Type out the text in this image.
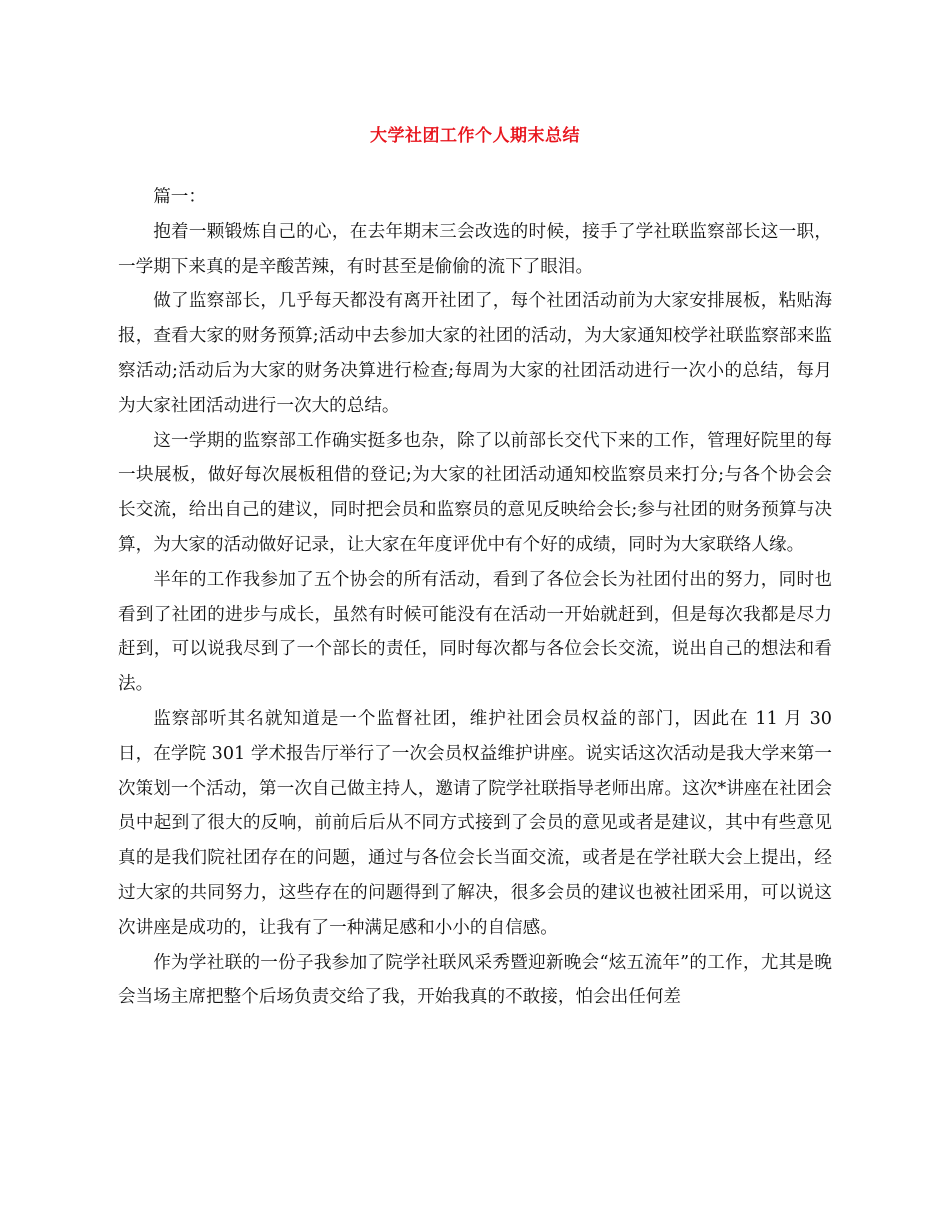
大学社团工作个人期末总结

篇一：

抱着一颗锻炼自己的心，在去年期末三会改选的时候，接手了学社联监察部长这一职，一学期下来真的是辛酸苦辣，有时甚至是偷偷的流下了眼泪。

做了监察部长，几乎每天都没有离开社团了，每个社团活动前为大家安排展板，粘贴海报，查看大家的财务预算;活动中去参加大家的社团的活动，为大家通知校学社联监察部来监察活动;活动后为大家的财务决算进行检查;每周为大家的社团活动进行一次小的总结，每月为大家社团活动进行一次大的总结。

这一学期的监察部工作确实挺多也杂，除了以前部长交代下来的工作，管理好院里的每一块展板，做好每次展板租借的登记;为大家的社团活动通知校监察员来打分;与各个协会会长交流，给出自己的建议，同时把会员和监察员的意见反映给会长;参与社团的财务预算与决算，为大家的活动做好记录，让大家在年度评优中有个好的成绩，同时为大家联络人缘。

半年的工作我参加了五个协会的所有活动，看到了各位会长为社团付出的努力，同时也看到了社团的进步与成长，虽然有时候可能没有在活动一开始就赶到，但是每次我都是尽力赶到，可以说我尽到了一个部长的责任，同时每次都与各位会长交流，说出自己的想法和看法。

监察部听其名就知道是一个监督社团，维护社团会员权益的部门，因此在 11 月 30 日，在学院 301 学术报告厅举行了一次会员权益维护讲座。说实话这次活动是我大学来第一次策划一个活动，第一次自己做主持人，邀请了院学社联指导老师出席。这次*讲座在社团会员中起到了很大的反响，前前后后从不同方式接到了会员的意见或者是建议，其中有些意见真的是我们院社团存在的问题，通过与各位会长当面交流，或者是在学社联大会上提出，经过大家的共同努力，这些存在的问题得到了解决，很多会员的建议也被社团采用，可以说这次讲座是成功的，让我有了一种满足感和小小的自信感。

作为学社联的一份子我参加了院学社联风采秀暨迎新晚会“炫五流年”的工作，尤其是晚会当场主席把整个后场负责交给了我，开始我真的不敢接，怕会出任何差
